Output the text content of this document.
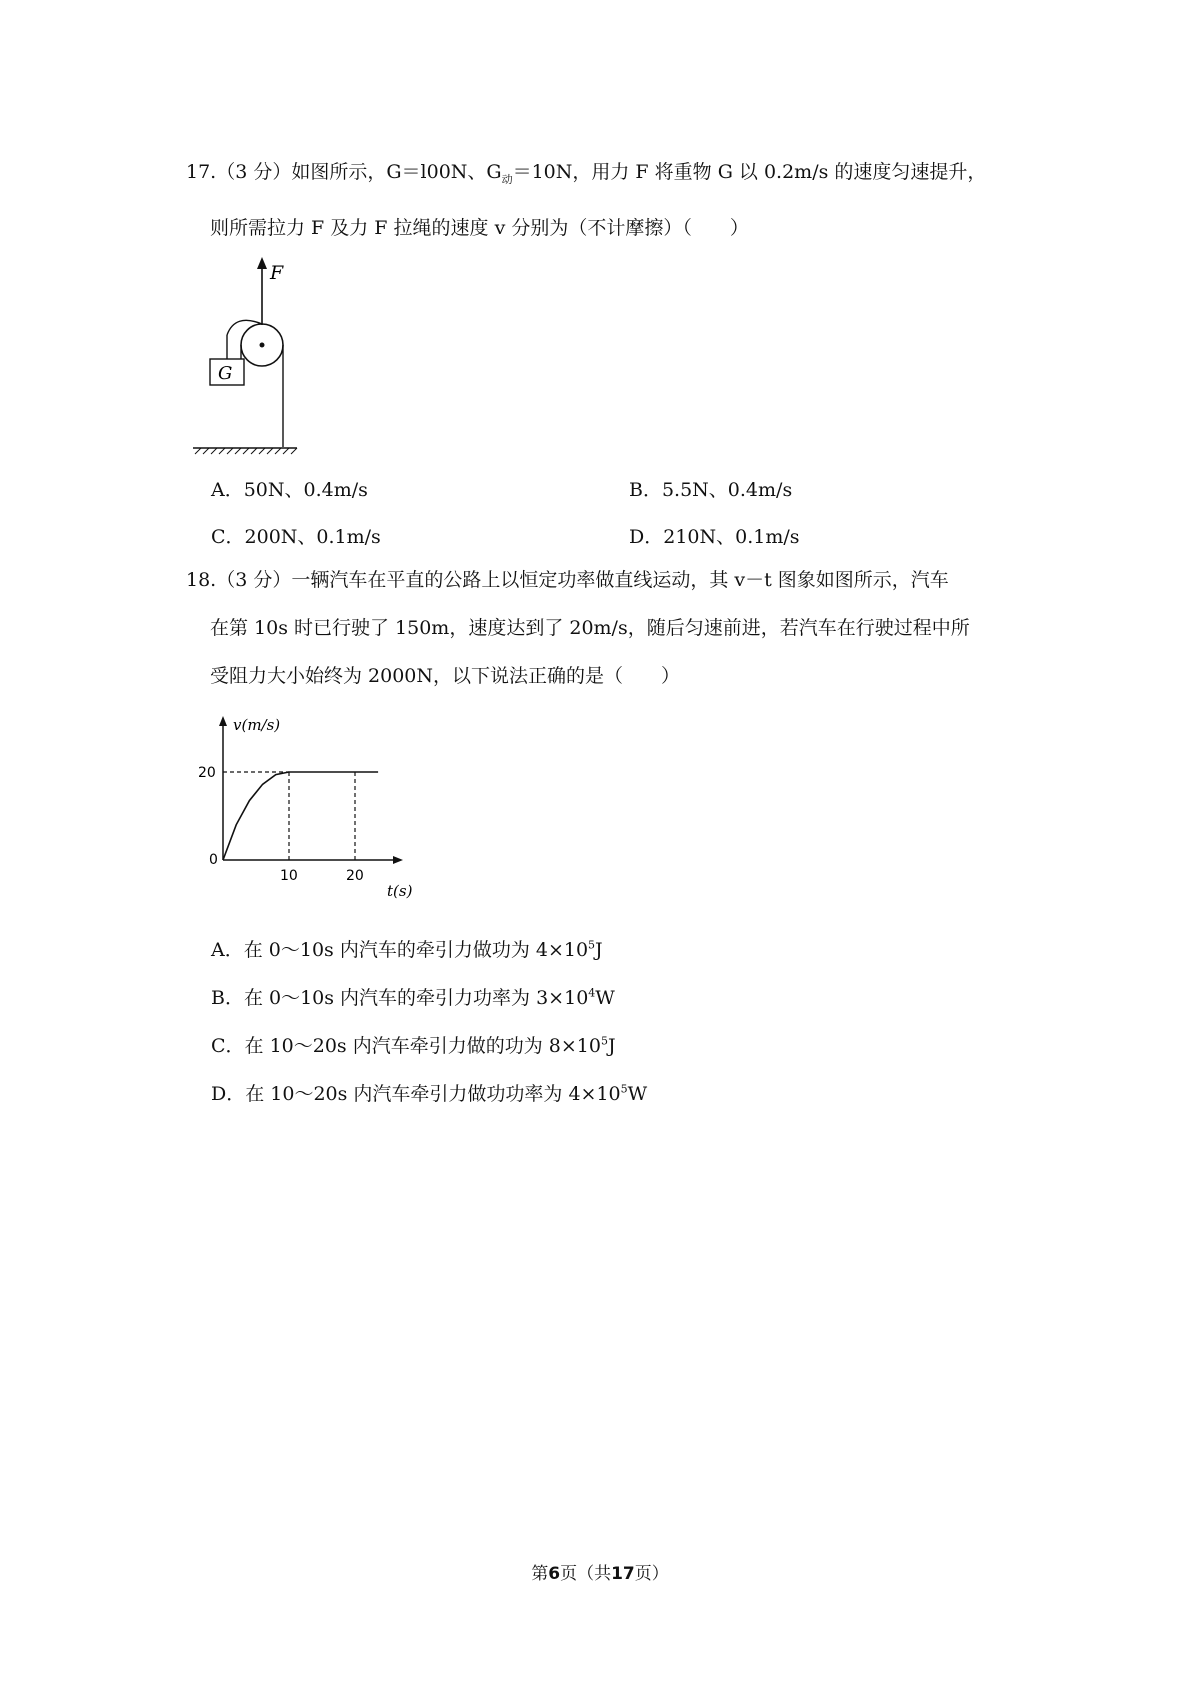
17.（3 分）如图所示，G＝l00N、$G_动=10N$，用力 F 将重物 G 以 0.2m/s 的速度匀速提升，
则所需拉力 F 及力 F 拉绳的速度 v 分别为（不计摩擦）（　　）
F
G
A．50N、0.4m/s	B．5.5N、0.4m/s
C．200N、0.1m/s	D．210N、0.1m/s
18.（3 分）一辆汽车在平直的公路上以恒定功率做直线运动，其 v－t 图象如图所示，汽车
在第 10s 时已行驶了 150m，速度达到了 20m/s，随后匀速前进，若汽车在行驶过程中所
受阻力大小始终为 2000N，以下说法正确的是（　　）
v(m/s)
t(s)
0
20
10	20
A．在 0～10s 内汽车的牵引力做功为 $4\times 10^5J$
B．在 0～10s 内汽车的牵引力功率为 $3\times 10^4W$
C．在 10～20s 内汽车牵引力做的功为 $8\times 10^5J$
D．在 10～20s 内汽车牵引力做功功率为 $4\times 10^5W$
第6页（共17页）
